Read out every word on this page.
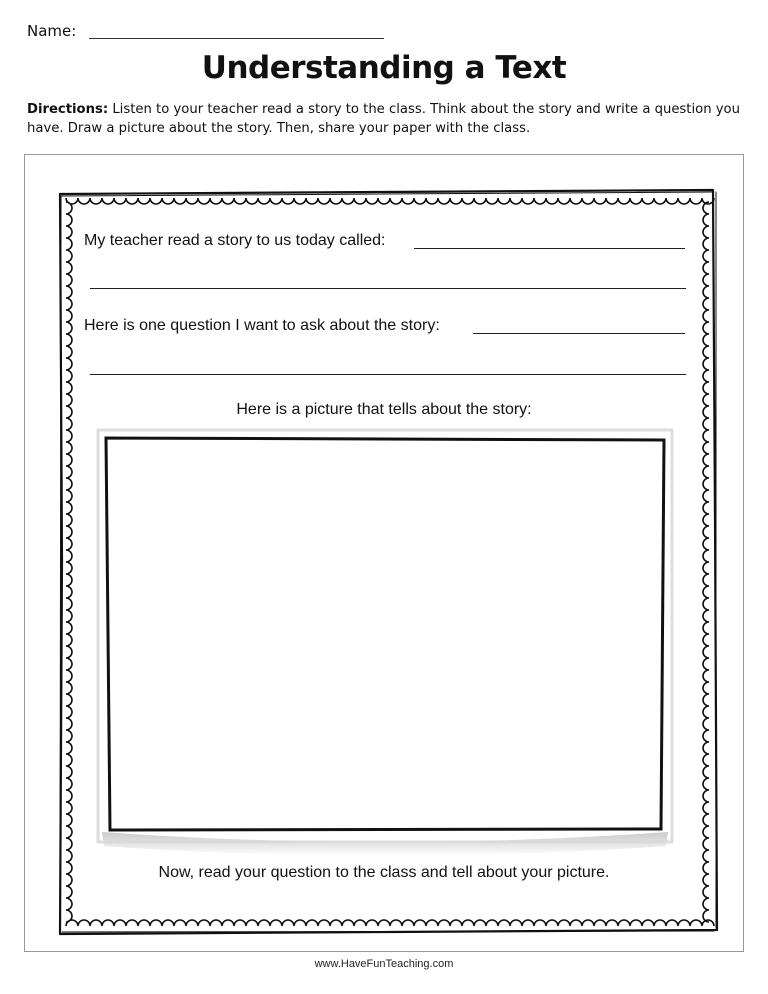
Name:
Understanding a Text
Directions: Listen to your teacher read a story to the class. Think about the story and write a question you have. Draw a picture about the story. Then, share your paper with the class.
My teacher read a story to us today called:
Here is one question I want to ask about the story:
Here is a picture that tells about the story:
Now, read your question to the class and tell about your picture.
www.HaveFunTeaching.com
